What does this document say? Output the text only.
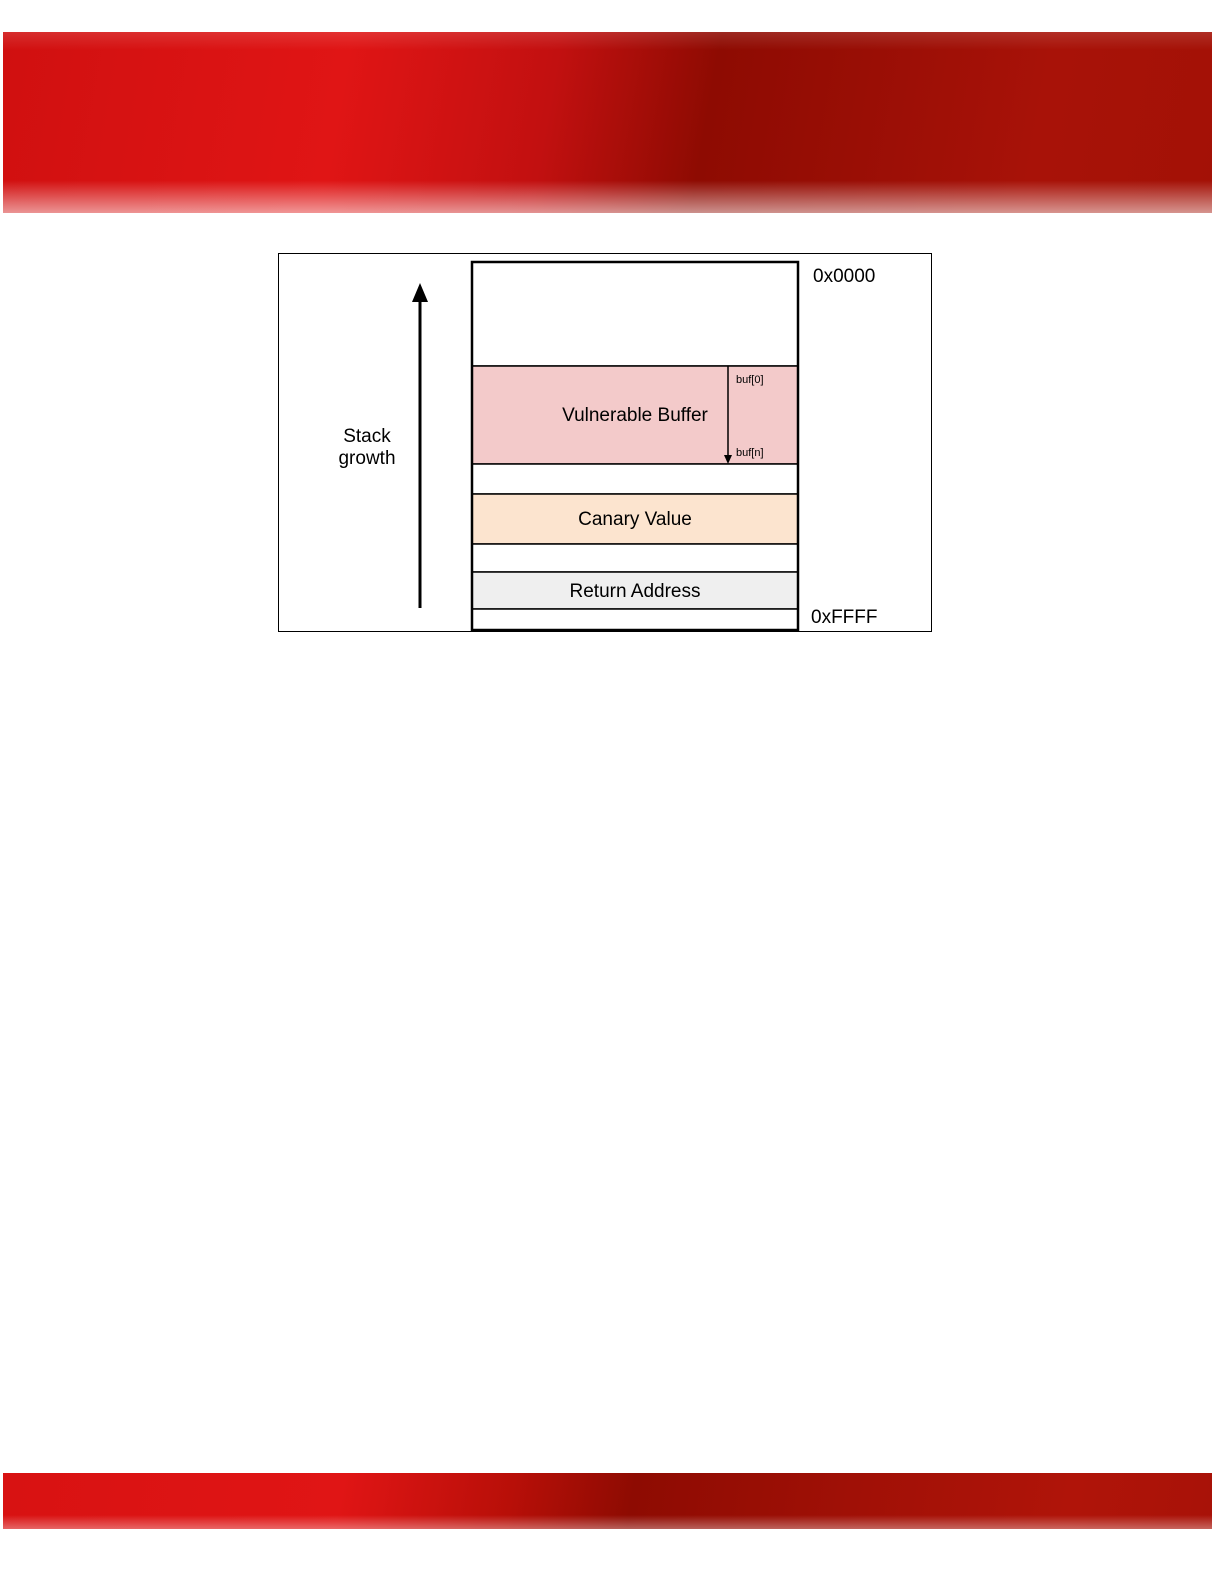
Stack
growth
buf[0]
buf[n]
Vulnerable Buffer
Canary Value
Return Address
0x0000
0xFFFF
